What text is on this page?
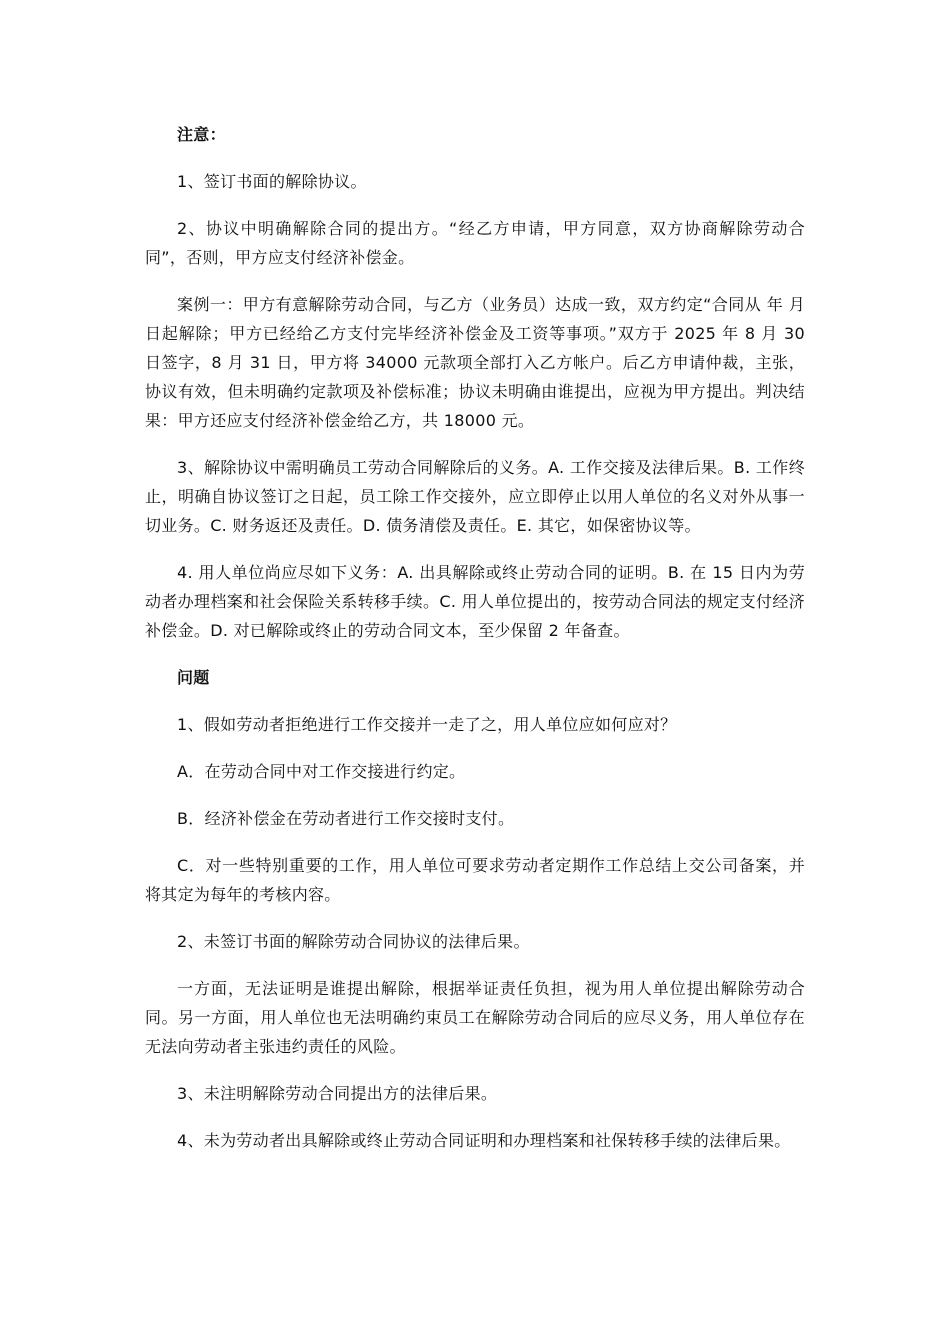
注意：

1、签订书面的解除协议。

2、协议中明确解除合同的提出方。“经乙方申请，甲方同意，双方协商解除劳动合同”，否则，甲方应支付经济补偿金。

案例一：甲方有意解除劳动合同，与乙方（业务员）达成一致，双方约定“合同从 年 月 日起解除；甲方已经给乙方支付完毕经济补偿金及工资等事项。”双方于 2025 年 8 月 30 日签字，8 月 31 日，甲方将 34000 元款项全部打入乙方帐户。后乙方申请仲裁，主张，协议有效，但未明确约定款项及补偿标准；协议未明确由谁提出，应视为甲方提出。判决结果：甲方还应支付经济补偿金给乙方，共 18000 元。

3、解除协议中需明确员工劳动合同解除后的义务。A. 工作交接及法律后果。B. 工作终止，明确自协议签订之日起，员工除工作交接外，应立即停止以用人单位的名义对外从事一切业务。C. 财务返还及责任。D. 债务清偿及责任。E. 其它，如保密协议等。

4. 用人单位尚应尽如下义务：A. 出具解除或终止劳动合同的证明。B. 在 15 日内为劳动者办理档案和社会保险关系转移手续。C. 用人单位提出的，按劳动合同法的规定支付经济补偿金。D. 对已解除或终止的劳动合同文本，至少保留 2 年备查。

问题

1、假如劳动者拒绝进行工作交接并一走了之，用人单位应如何应对？

A．在劳动合同中对工作交接进行约定。

B．经济补偿金在劳动者进行工作交接时支付。

C．对一些特别重要的工作，用人单位可要求劳动者定期作工作总结上交公司备案，并将其定为每年的考核内容。

2、未签订书面的解除劳动合同协议的法律后果。

一方面，无法证明是谁提出解除，根据举证责任负担，视为用人单位提出解除劳动合同。另一方面，用人单位也无法明确约束员工在解除劳动合同后的应尽义务，用人单位存在无法向劳动者主张违约责任的风险。

3、未注明解除劳动合同提出方的法律后果。

4、未为劳动者出具解除或终止劳动合同证明和办理档案和社保转移手续的法律后果。
